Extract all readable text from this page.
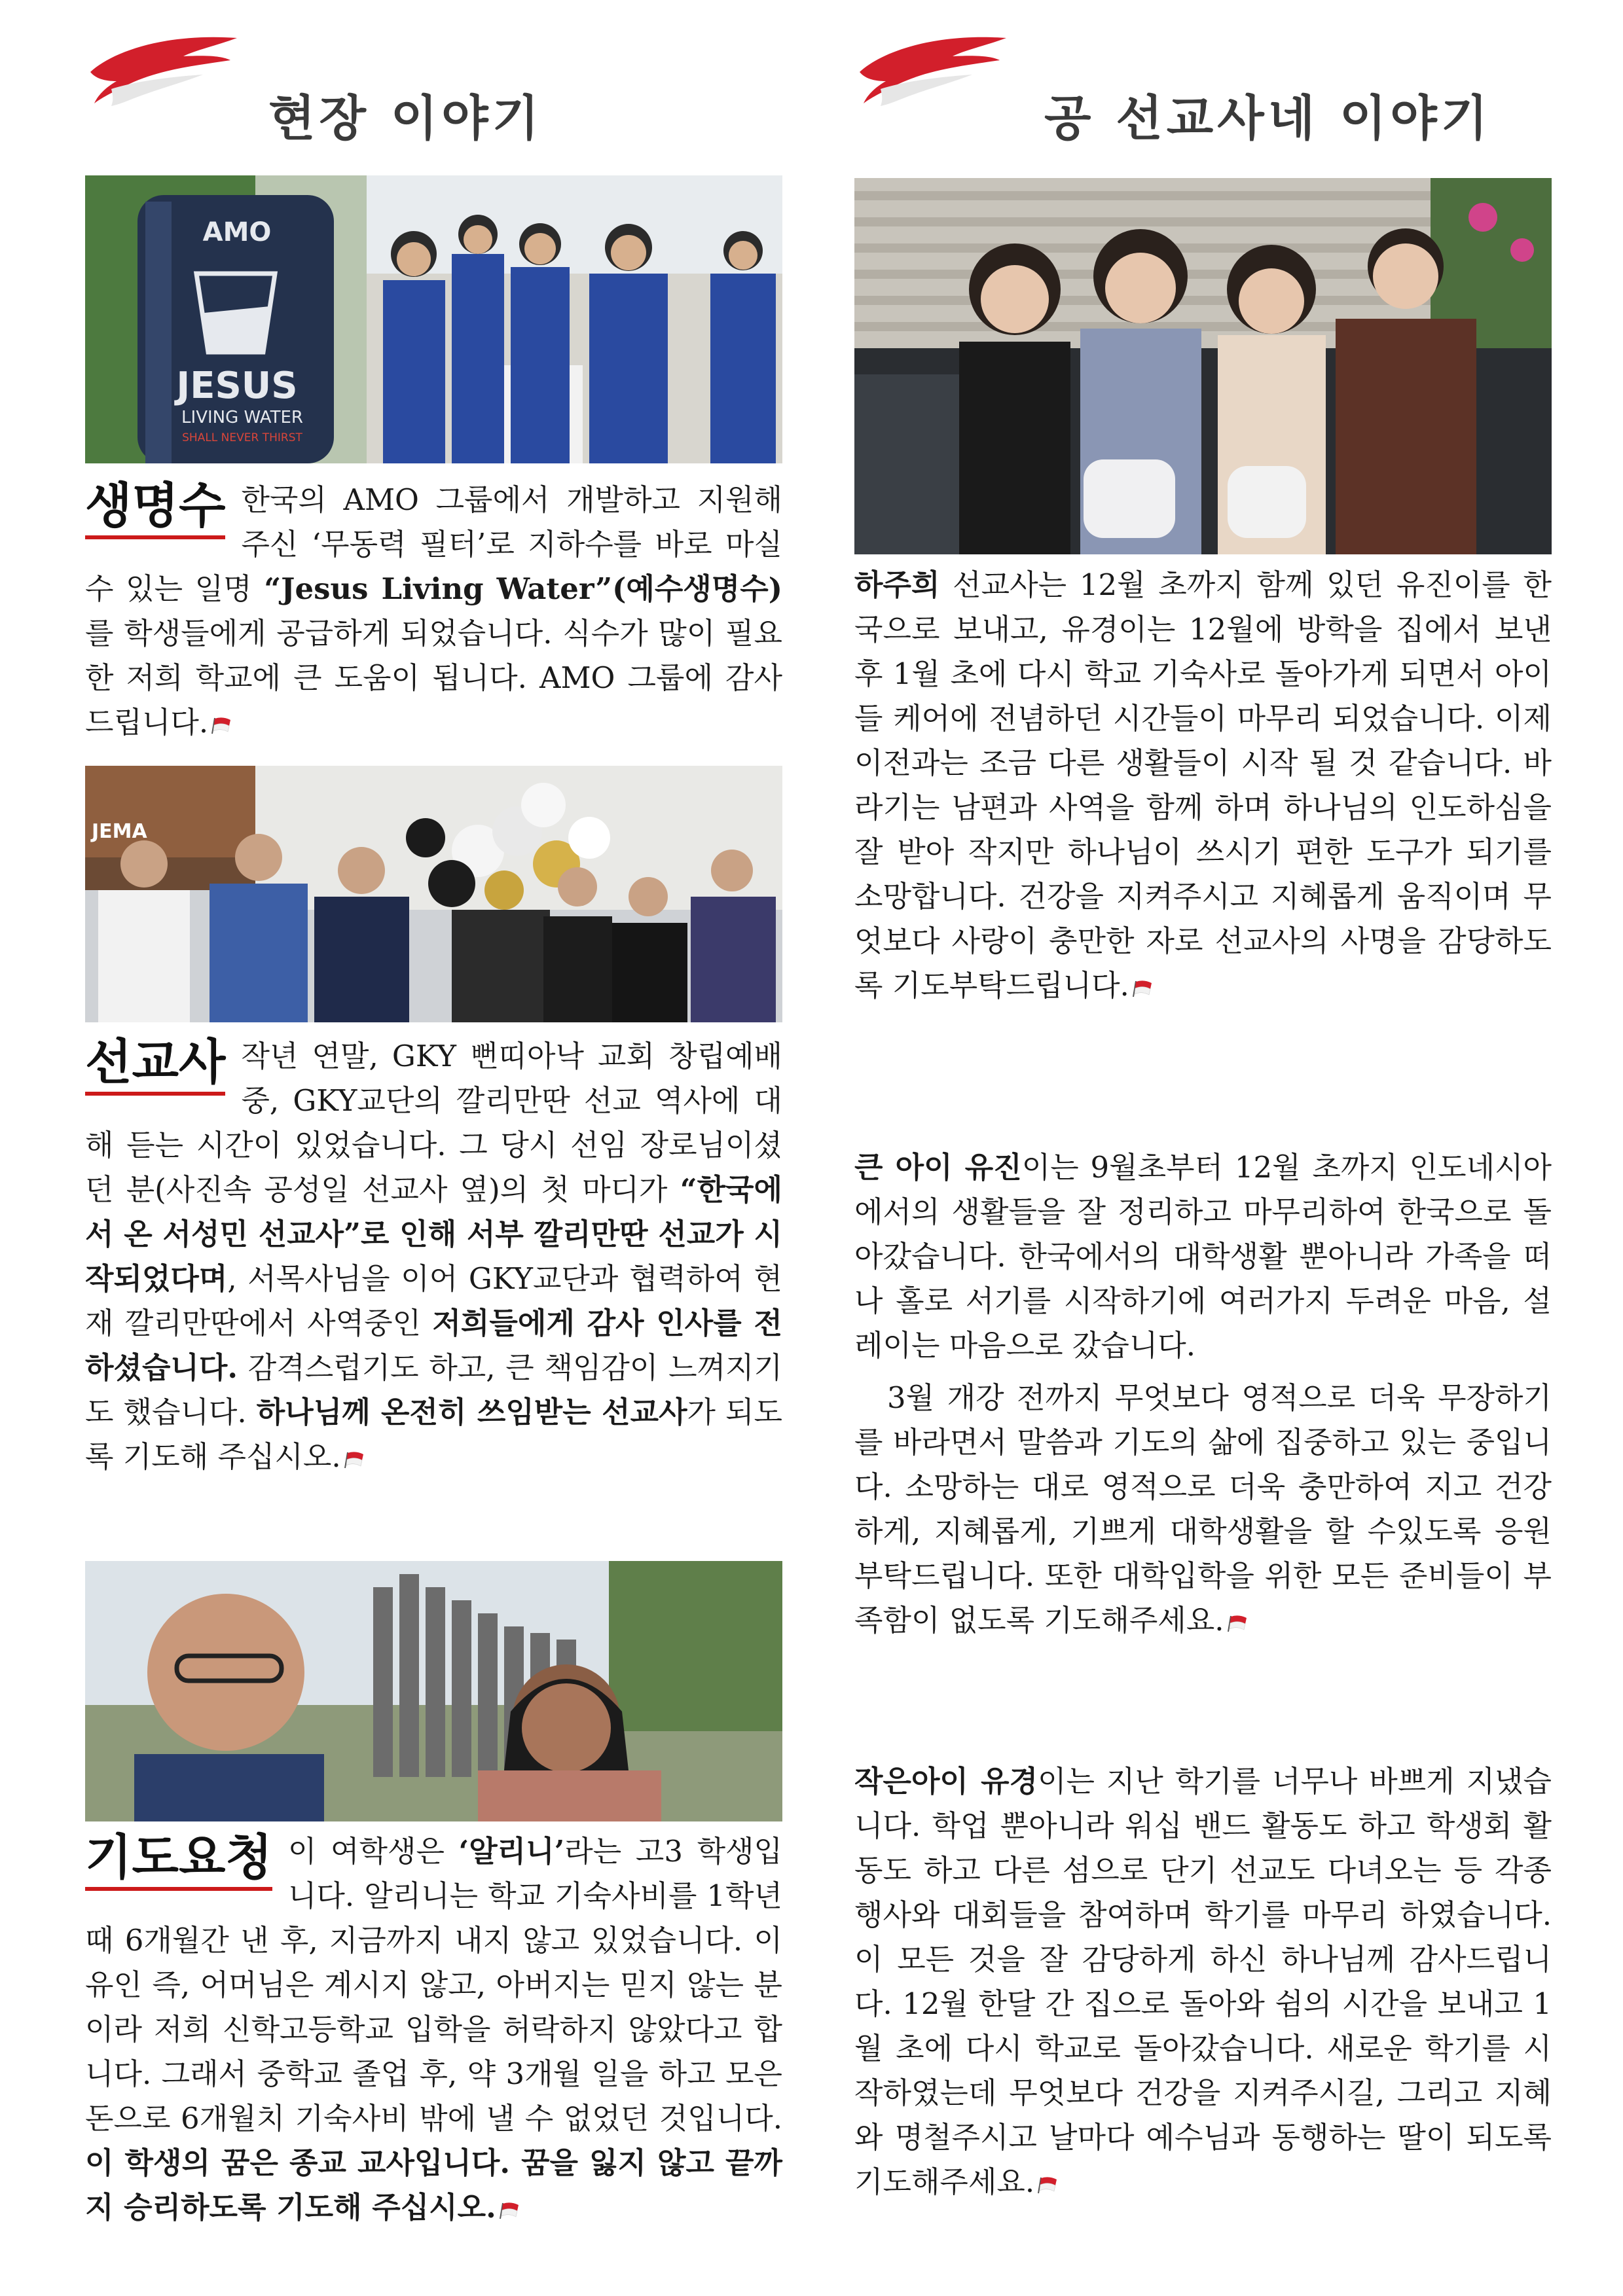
현장 이야기
AMO
JESUS
LIVING WATER
SHALL NEVER THIRST

생명수 한국의 AMO 그룹에서 개발하고 지원해 주신 ‘무동력 필터’로 지하수를 바로 마실 수 있는 일명 “Jesus Living Water”(예수생명수)를 학생들에게 공급하게 되었습니다. 식수가 많이 필요한 저희 학교에 큰 도움이 됩니다. AMO 그룹에 감사드립니다.

JEMA

선교사 작년 연말, GKY 뻔띠아낙 교회 창립예배 중, GKY교단의 깔리만딴 선교 역사에 대해 듣는 시간이 있었습니다. 그 당시 선임 장로님이셨던 분(사진속 공성일 선교사 옆)의 첫 마디가 “한국에서 온 서성민 선교사”로 인해 서부 깔리만딴 선교가 시작되었다며, 서목사님을 이어 GKY교단과 협력하여 현재 깔리만딴에서 사역중인 저희들에게 감사 인사를 전하셨습니다. 감격스럽기도 하고, 큰 책임감이 느껴지기도 했습니다. 하나님께 온전히 쓰임받는 선교사가 되도록 기도해 주십시오.

기도요청 이 여학생은 ‘알리니’라는 고3 학생입니다. 알리니는 학교 기숙사비를 1학년때 6개월간 낸 후, 지금까지 내지 않고 있었습니다. 이유인 즉, 어머님은 계시지 않고, 아버지는 믿지 않는 분이라 저희 신학고등학교 입학을 허락하지 않았다고 합니다. 그래서 중학교 졸업 후, 약 3개월 일을 하고 모은 돈으로 6개월치 기숙사비 밖에 낼 수 없었던 것입니다. 이 학생의 꿈은 종교 교사입니다. 꿈을 잃지 않고 끝까지 승리하도록 기도해 주십시오.

공 선교사네 이야기

하주희 선교사는 12월 초까지 함께 있던 유진이를 한국으로 보내고, 유경이는 12월에 방학을 집에서 보낸 후 1월 초에 다시 학교 기숙사로 돌아가게 되면서 아이들 케어에 전념하던 시간들이 마무리 되었습니다. 이제 이전과는 조금 다른 생활들이 시작 될 것 같습니다. 바라기는 남편과 사역을 함께 하며 하나님의 인도하심을 잘 받아 작지만 하나님이 쓰시기 편한 도구가 되기를 소망합니다. 건강을 지켜주시고 지혜롭게 움직이며 무엇보다 사랑이 충만한 자로 선교사의 사명을 감당하도록 기도부탁드립니다.

큰 아이 유진이는 9월초부터 12월 초까지 인도네시아에서의 생활들을 잘 정리하고 마무리하여 한국으로 돌아갔습니다. 한국에서의 대학생활 뿐아니라 가족을 떠나 홀로 서기를 시작하기에 여러가지 두려운 마음, 설레이는 마음으로 갔습니다.

3월 개강 전까지 무엇보다 영적으로 더욱 무장하기를 바라면서 말씀과 기도의 삶에 집중하고 있는 중입니다. 소망하는 대로 영적으로 더욱 충만하여 지고 건강하게, 지혜롭게, 기쁘게 대학생활을 할 수있도록 응원부탁드립니다. 또한 대학입학을 위한 모든 준비들이 부족함이 없도록 기도해주세요.

작은아이 유경이는 지난 학기를 너무나 바쁘게 지냈습니다. 학업 뿐아니라 워십 밴드 활동도 하고 학생회 활동도 하고 다른 섬으로 단기 선교도 다녀오는 등 각종 행사와 대회들을 참여하며 학기를 마무리 하였습니다. 이 모든 것을 잘 감당하게 하신 하나님께 감사드립니다. 12월 한달 간 집으로 돌아와 쉼의 시간을 보내고 1월 초에 다시 학교로 돌아갔습니다. 새로운 학기를 시작하였는데 무엇보다 건강을 지켜주시길, 그리고 지혜와 명철주시고 날마다 예수님과 동행하는 딸이 되도록 기도해주세요.
